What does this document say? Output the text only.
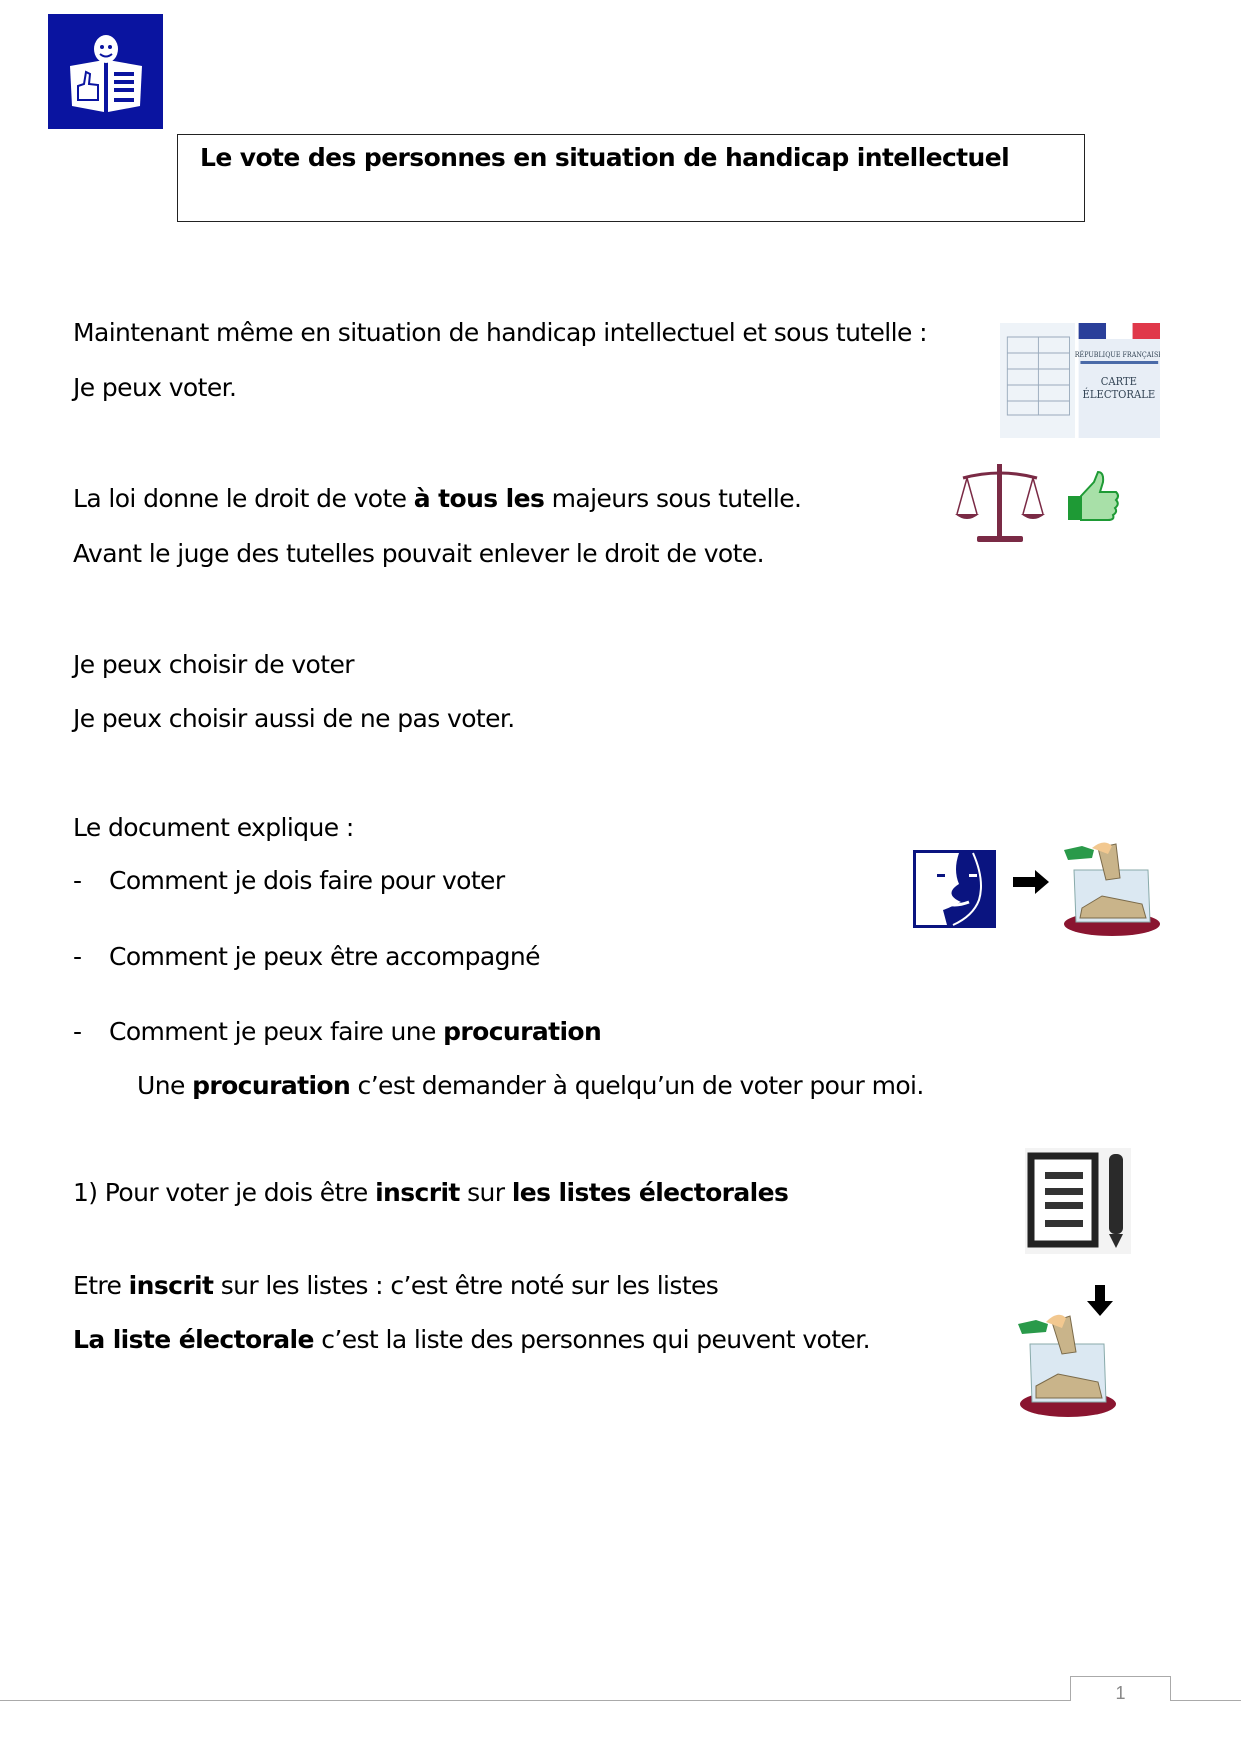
Le vote des personnes en situation de handicap intellectuel
Maintenant même en situation de handicap intellectuel et sous tutelle :
Je peux voter.
RÉPUBLIQUE FRANÇAISE
CARTE
ÉLECTORALE
La loi donne le droit de vote à tous les majeurs sous tutelle.
Avant le juge des tutelles pouvait enlever le droit de vote.
Je peux choisir de voter
Je peux choisir aussi de ne pas voter.
Le document explique :
- Comment je dois faire pour voter
- Comment je peux être accompagné
- Comment je peux faire une procuration
Une procuration c’est demander à quelqu’un de voter pour moi.
1) Pour voter je dois être inscrit sur les listes électorales
Etre inscrit sur les listes : c’est être noté sur les listes
La liste électorale c’est la liste des personnes qui peuvent voter.
1
